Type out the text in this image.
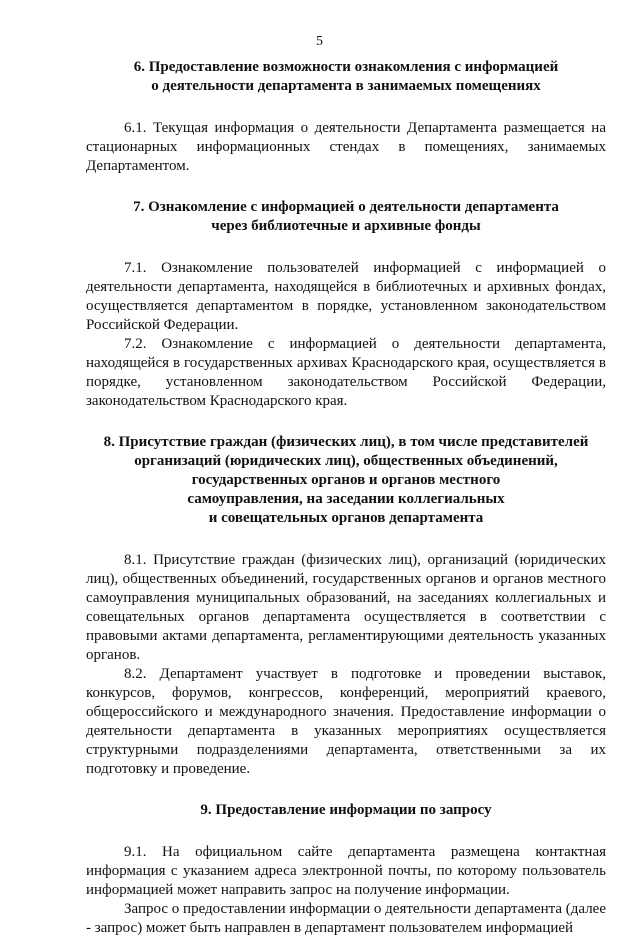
5
6. Предоставление возможности ознакомления с информацией
о деятельности департамента в занимаемых помещениях

6.1. Текущая информация о деятельности Департамента размещается на стационарных информационных стендах в помещениях, занимаемых Департаментом.

7. Ознакомление с информацией о деятельности департамента
через библиотечные и архивные фонды

7.1. Ознакомление пользователей информацией с информацией о деятельности департамента, находящейся в библиотечных и архивных фондах, осуществляется департаментом в порядке, установленном законодательством Российской Федерации.

7.2. Ознакомление с информацией о деятельности департамента, находящейся в государственных архивах Краснодарского края, осуществляется в порядке, установленном законодательством Российской Федерации, законодательством Краснодарского края.

8. Присутствие граждан (физических лиц), в том числе представителей
организаций (юридических лиц), общественных объединений,
государственных органов и органов местного
самоуправления, на заседании коллегиальных
и совещательных органов департамента

8.1. Присутствие граждан (физических лиц), организаций (юридических лиц), общественных объединений, государственных органов и органов местного самоуправления муниципальных образований, на заседаниях коллегиальных и совещательных органов департамента осуществляется в соответствии с правовыми актами департамента, регламентирующими деятельность указанных органов.

8.2. Департамент участвует в подготовке и проведении выставок, конкурсов, форумов, конгрессов, конференций, мероприятий краевого, общероссийского и международного значения. Предоставление информации о деятельности департамента в указанных мероприятиях осуществляется структурными подразделениями департамента, ответственными за их подготовку и проведение.

9. Предоставление информации по запросу

9.1. На официальном сайте департамента размещена контактная информация с указанием адреса электронной почты, по которому пользователь информацией может направить запрос на получение информации.

Запрос о предоставлении информации о деятельности департамента (далее - запрос) может быть направлен в департамент пользователем информацией
